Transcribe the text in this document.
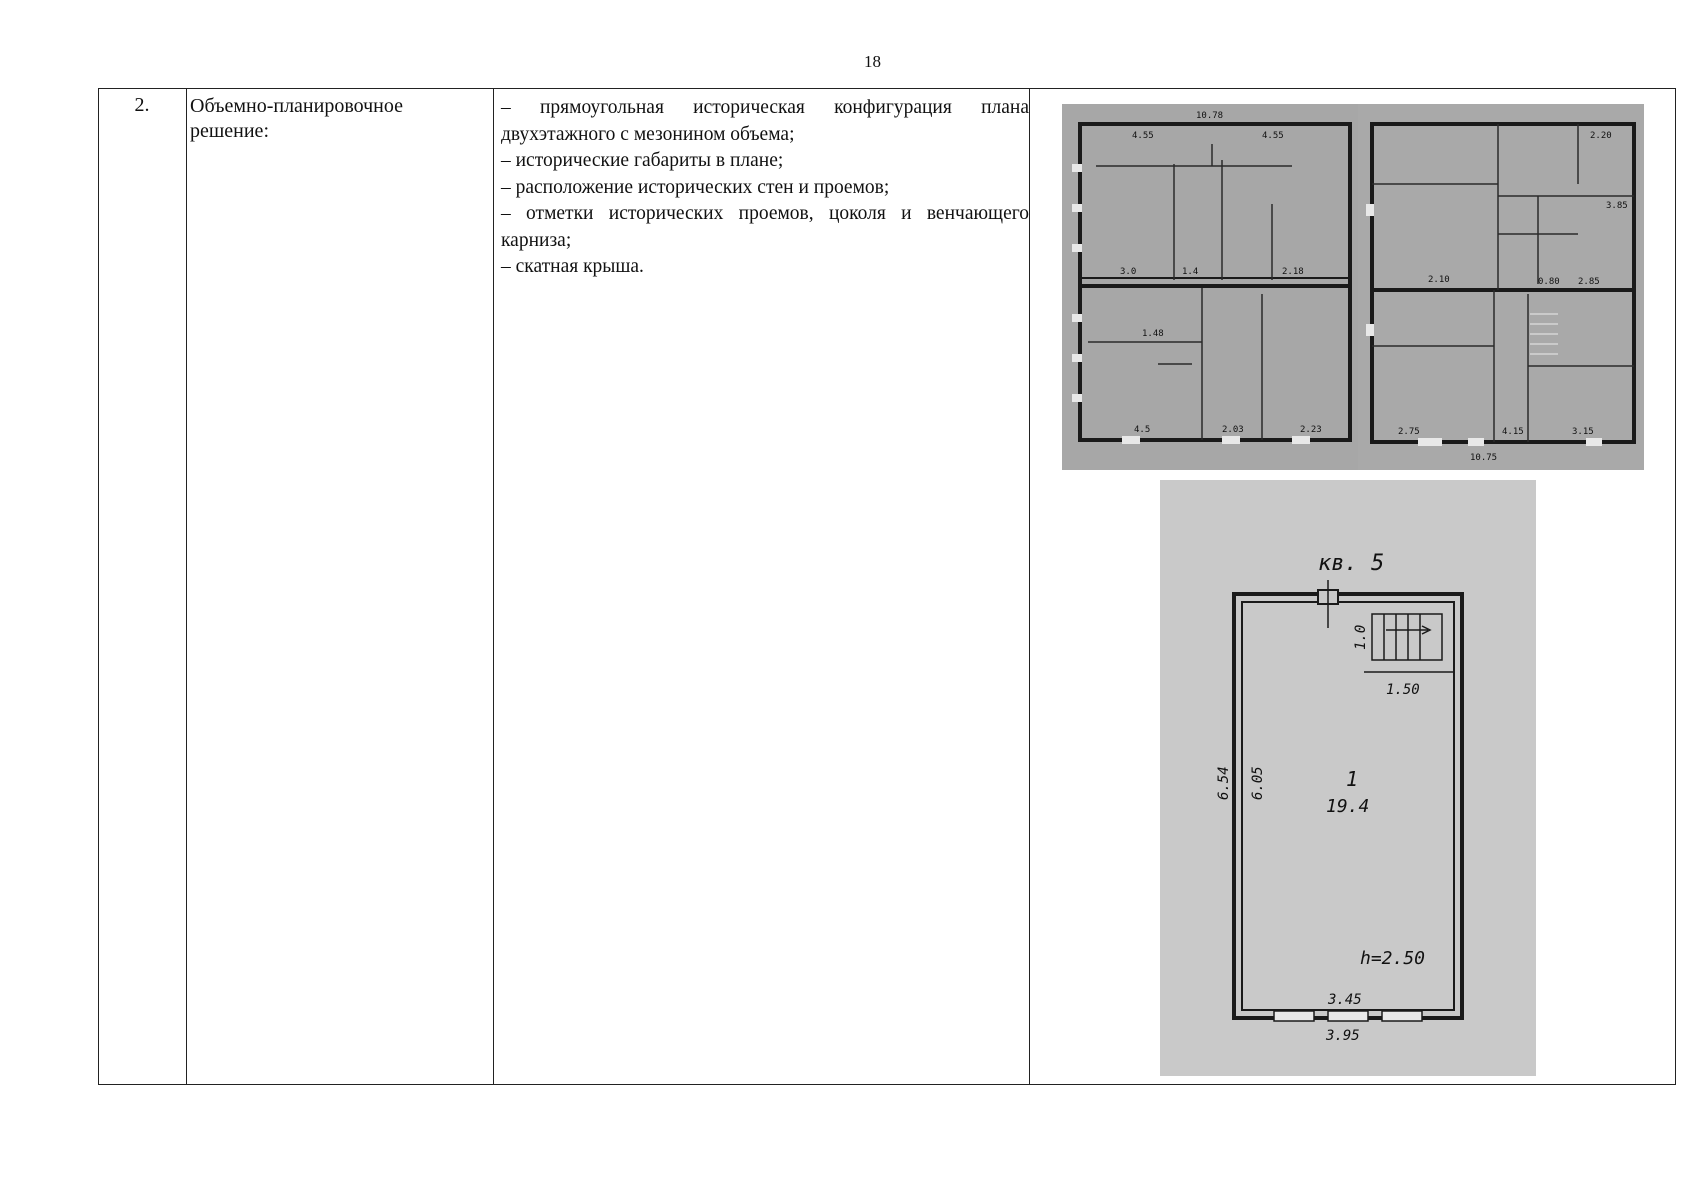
18
2.	Объемно-планировочное решение:

– прямоугольная историческая конфигурация плана двухэтажного с мезонином объема;

– исторические габариты в плане;

– расположение исторических стен и проемов;

– отметки исторических проемов, цоколя и венчающего карниза;

– скатная крыша.

10.78
4.55	4.55
3.0	1.4	2.18
1.48
4.5	2.03	2.23
2.10
2.20
3.85
2.85
0.80
4.15	3.15
2.75
10.75
кв. 5
1.0
1.50
6.54 6.05	1
19.4
h=2.50
3.45
3.95
